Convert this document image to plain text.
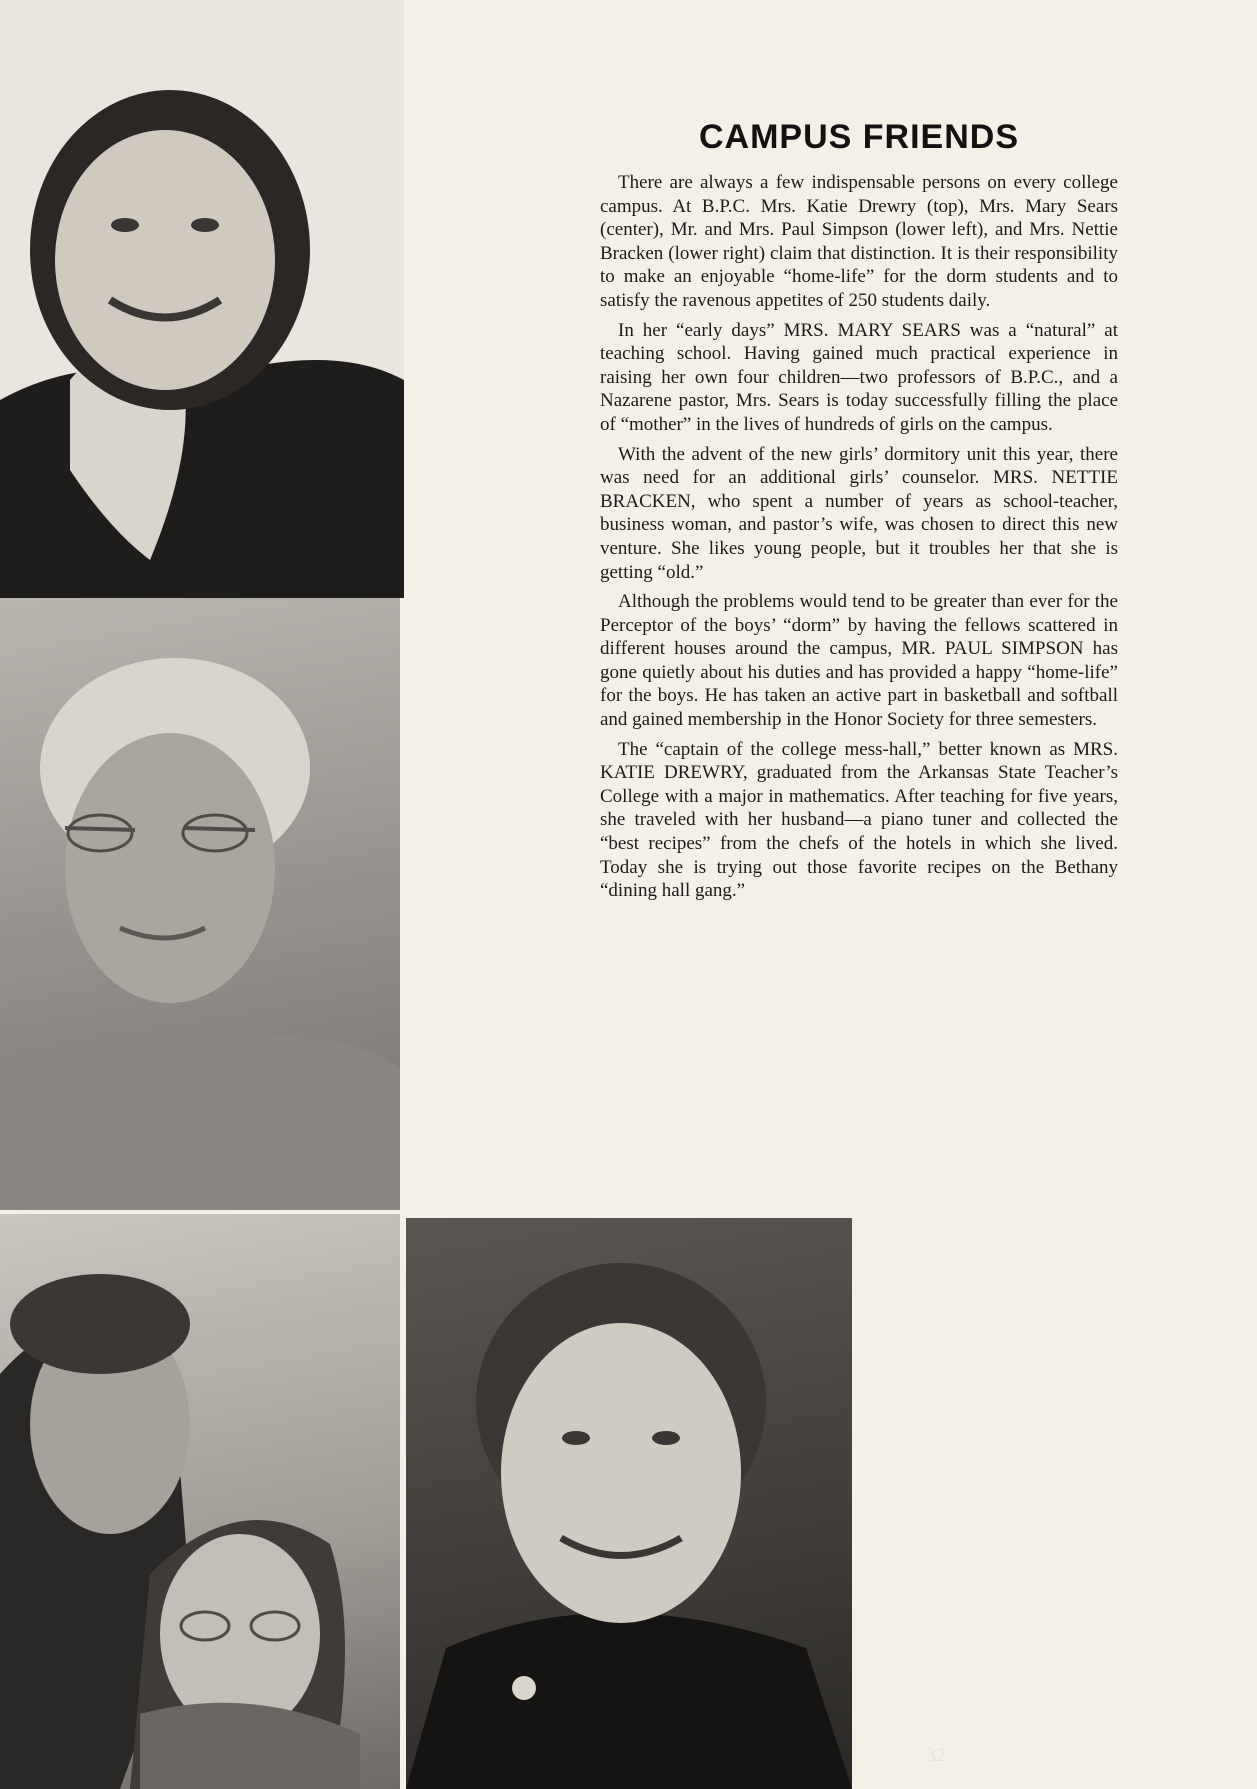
CAMPUS FRIENDS

There are always a few indispensable persons on every college campus. At B.P.C. Mrs. Katie Drewry (top), Mrs. Mary Sears (center), Mr. and Mrs. Paul Simpson (lower left), and Mrs. Nettie Bracken (lower right) claim that distinction. It is their responsibility to make an enjoyable “home-life” for the dorm students and to satisfy the ravenous appetites of 250 students daily.

In her “early days” MRS. MARY SEARS was a “natural” at teaching school. Having gained much practical experience in raising her own four children—two professors of B.P.C., and a Nazarene pastor, Mrs. Sears is today successfully filling the place of “mother” in the lives of hundreds of girls on the campus.

With the advent of the new girls’ dormitory unit this year, there was need for an additional girls’ counselor. MRS. NETTIE BRACKEN, who spent a number of years as school-teacher, business woman, and pastor’s wife, was chosen to direct this new venture. She likes young people, but it troubles her that she is getting “old.”

Although the problems would tend to be greater than ever for the Perceptor of the boys’ “dorm” by having the fellows scattered in different houses around the campus, MR. PAUL SIMPSON has gone quietly about his duties and has provided a happy “home-life” for the boys. He has taken an active part in basketball and softball and gained membership in the Honor Society for three semesters.

The “captain of the college mess-hall,” better known as MRS. KATIE DREWRY, graduated from the Arkansas State Teacher’s College with a major in mathematics. After teaching for five years, she traveled with her husband—a piano tuner and collected the “best recipes” from the chefs of the hotels in which she lived. Today she is trying out those favorite recipes on the Bethany “dining hall gang.”

32
